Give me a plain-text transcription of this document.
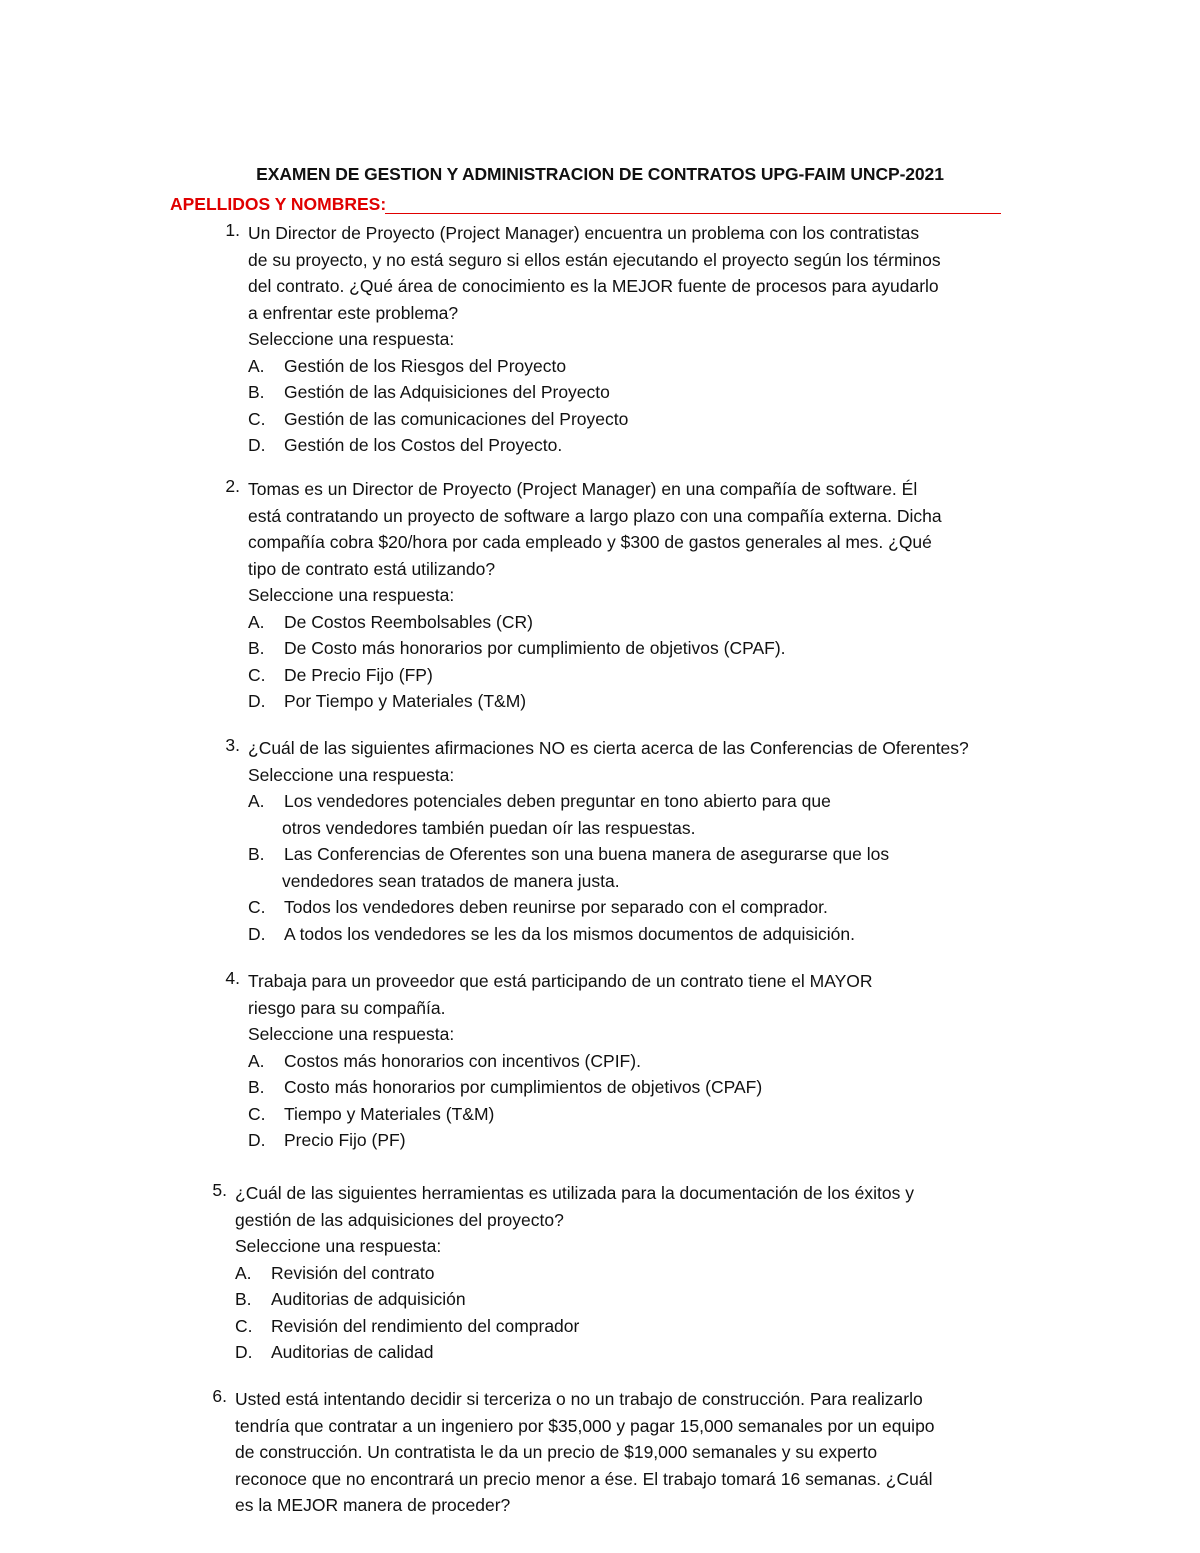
EXAMEN DE GESTION Y ADMINISTRACION DE CONTRATOS UPG-FAIM UNCP-2021
APELLIDOS Y NOMBRES:
1. Un Director de Proyecto (Project Manager) encuentra un problema con los contratistas
de su proyecto, y no está seguro si ellos están ejecutando el proyecto según los términos
del contrato. ¿Qué área de conocimiento es la MEJOR fuente de procesos para ayudarlo
a enfrentar este problema?
Seleccione una respuesta:
A.	Gestión de los Riesgos del Proyecto
B.	Gestión de las Adquisiciones del Proyecto
C.	Gestión de las comunicaciones del Proyecto
D.	Gestión de los Costos del Proyecto.
2. Tomas es un Director de Proyecto (Project Manager) en una compañía de software. Él
está contratando un proyecto de software a largo plazo con una compañía externa. Dicha
compañía cobra $20/hora por cada empleado y $300 de gastos generales al mes. ¿Qué
tipo de contrato está utilizando?
Seleccione una respuesta:
A.	De Costos Reembolsables (CR)
B.	De Costo más honorarios por cumplimiento de objetivos (CPAF).
C.	De Precio Fijo (FP)
D.	Por Tiempo y Materiales (T&M)
3. ¿Cuál de las siguientes afirmaciones NO es cierta acerca de las Conferencias de Oferentes?
Seleccione una respuesta:
A.	Los vendedores potenciales deben preguntar en tono abierto para que
otros vendedores también puedan oír las respuestas.
B.	Las Conferencias de Oferentes son una buena manera de asegurarse que los
vendedores sean tratados de manera justa.
C.	Todos los vendedores deben reunirse por separado con el comprador.
D.	A todos los vendedores se les da los mismos documentos de adquisición.
4. Trabaja para un proveedor que está participando de un contrato tiene el MAYOR
riesgo para su compañía.
Seleccione una respuesta:
A.	Costos más honorarios con incentivos (CPIF).
B.	Costo más honorarios por cumplimientos de objetivos (CPAF)
C.	Tiempo y Materiales (T&M)
D.	Precio Fijo (PF)
5. ¿Cuál de las siguientes herramientas es utilizada para la documentación de los éxitos y
gestión de las adquisiciones del proyecto?
Seleccione una respuesta:
A.	Revisión del contrato
B.	Auditorias de adquisición
C.	Revisión del rendimiento del comprador
D.	Auditorias de calidad
6. Usted está intentando decidir si terceriza o no un trabajo de construcción. Para realizarlo
tendría que contratar a un ingeniero por $35,000 y pagar 15,000 semanales por un equipo
de construcción. Un contratista le da un precio de $19,000 semanales y su experto
reconoce que no encontrará un precio menor a ése. El trabajo tomará 16 semanas. ¿Cuál
es la MEJOR manera de proceder?
